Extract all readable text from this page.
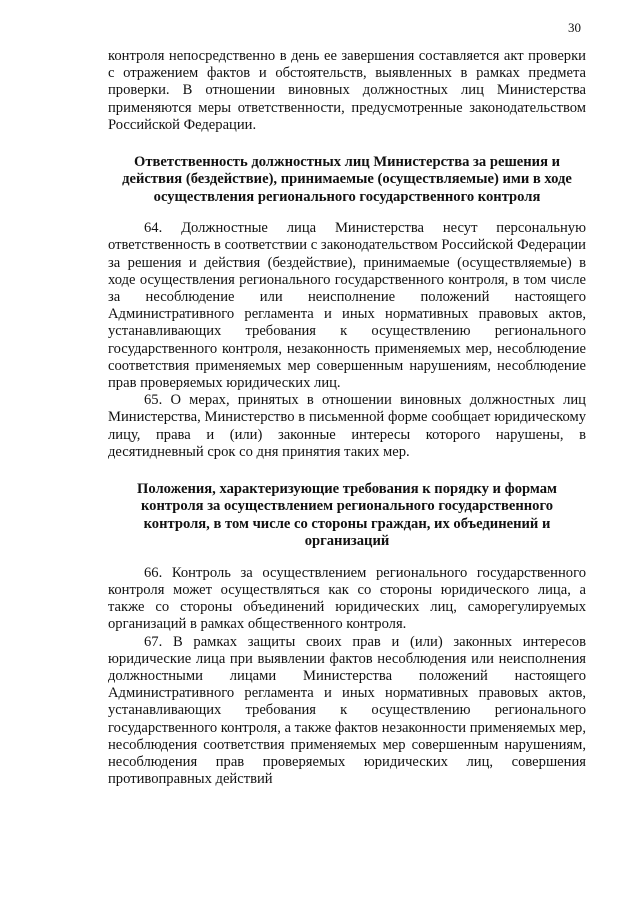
30

контроля непосредственно в день ее завершения составляется акт проверки с отражением фактов и обстоятельств, выявленных в рамках предмета проверки. В отношении виновных должностных лиц Министерства применяются меры ответственности, предусмотренные законодательством Российской Федерации.

Ответственность должностных лиц Министерства за решения и действия (бездействие), принимаемые (осуществляемые) ими в ходе осуществления регионального государственного контроля

64. Должностные лица Министерства несут персональную ответственность в соответствии с законодательством Российской Федерации за решения и действия (бездействие), принимаемые (осуществляемые) в ходе осуществления регионального государственного контроля, в том числе за несоблюдение или неисполнение положений настоящего Административного регламента и иных нормативных правовых актов, устанавливающих требования к осуществлению регионального государственного контроля, незаконность применяемых мер, несоблюдение соответствия применяемых мер совершенным нарушениям, несоблюдение прав проверяемых юридических лиц.

65. О мерах, принятых в отношении виновных должностных лиц Министерства, Министерство в письменной форме сообщает юридическому лицу, права и (или) законные интересы которого нарушены, в десятидневный срок со дня принятия таких мер.

Положения, характеризующие требования к порядку и формам контроля за осуществлением регионального государственного контроля, в том числе со стороны граждан, их объединений и организаций

66. Контроль за осуществлением регионального государственного контроля может осуществляться как со стороны юридического лица, а также со стороны объединений юридических лиц, саморегулируемых организаций в рамках общественного контроля.

67. В рамках защиты своих прав и (или) законных интересов юридические лица при выявлении фактов несоблюдения или неисполнения должностными лицами Министерства положений настоящего Административного регламента и иных нормативных правовых актов, устанавливающих требования к осуществлению регионального государственного контроля, а также фактов незаконности применяемых мер, несоблюдения соответствия применяемых мер совершенным нарушениям, несоблюдения прав проверяемых юридических лиц, совершения противоправных действий
